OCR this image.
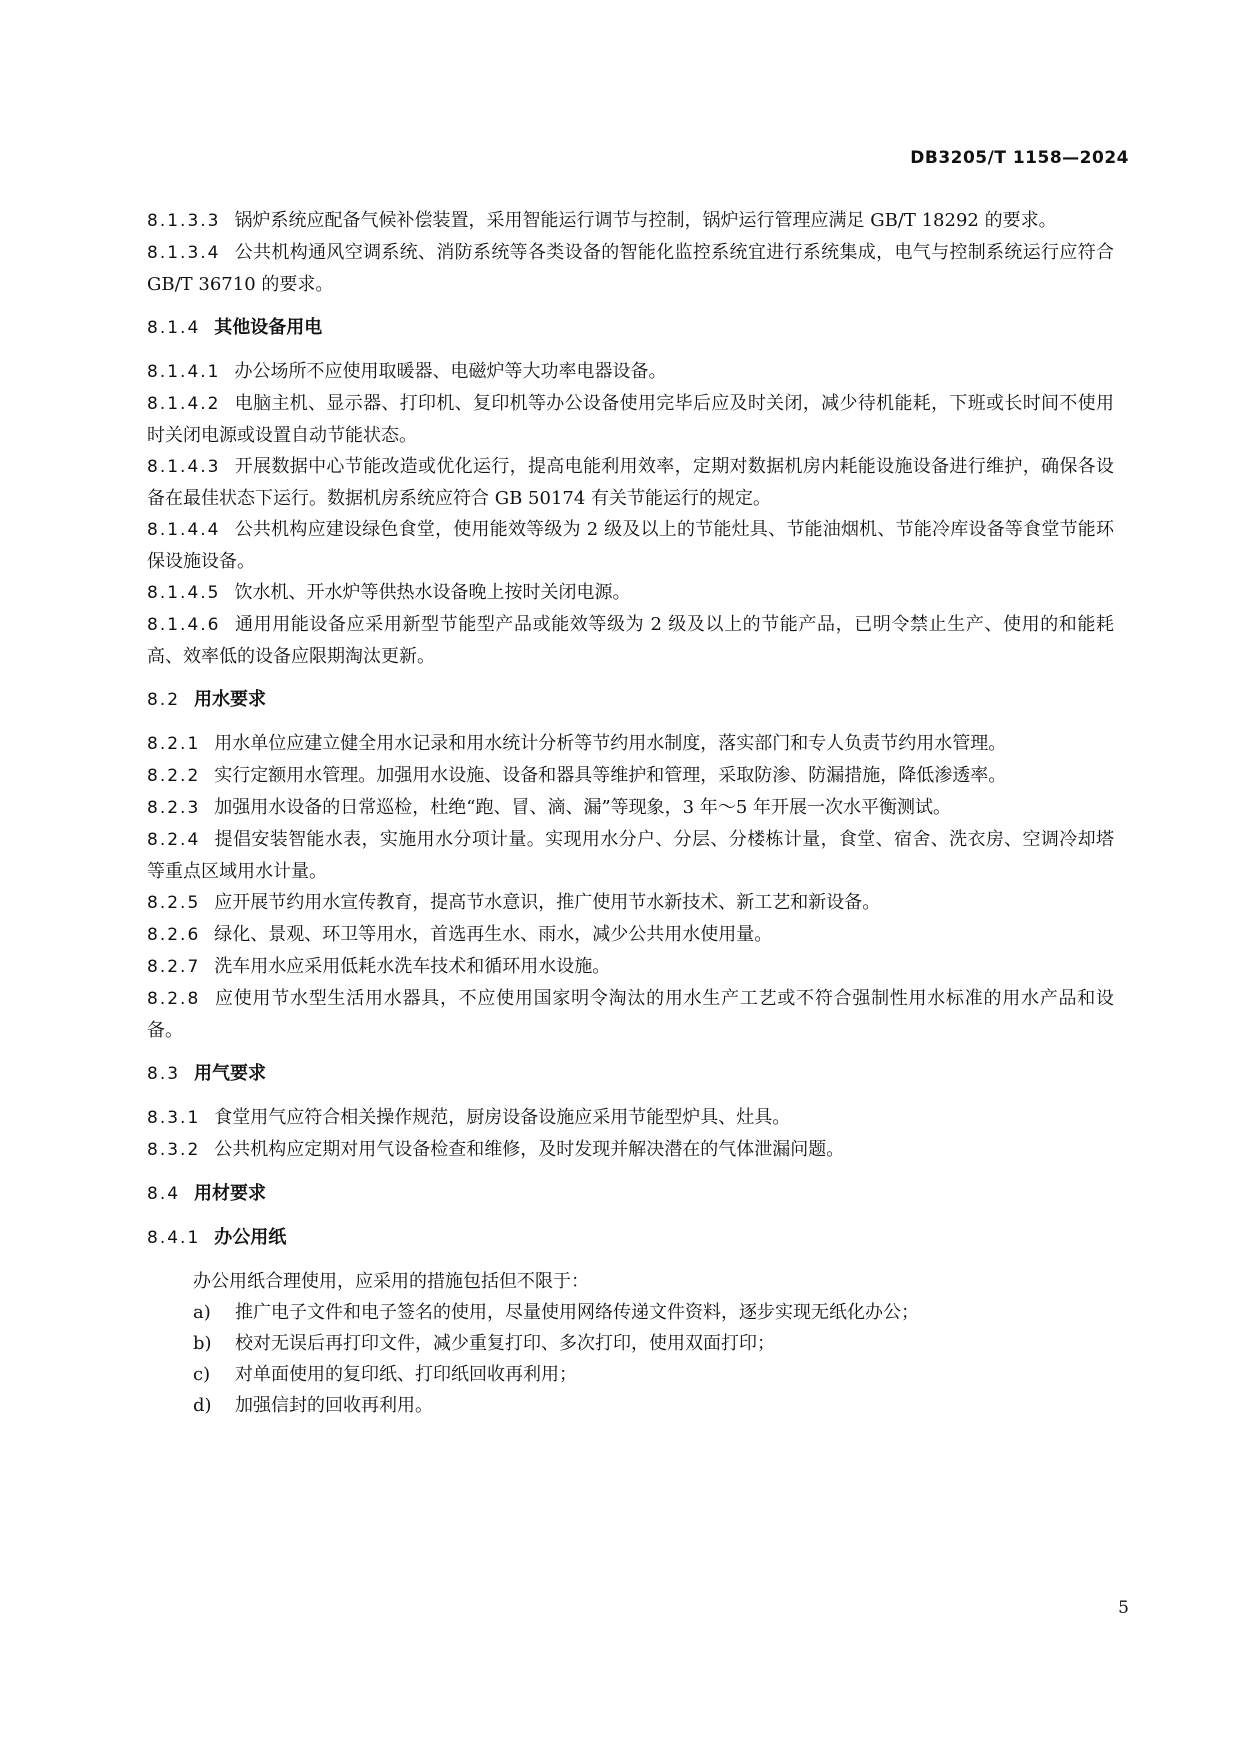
DB3205/T 1158—2024

8.1.3.3 锅炉系统应配备气候补偿装置，采用智能运行调节与控制，锅炉运行管理应满足 GB/T 18292 的要求。

8.1.3.4 公共机构通风空调系统、消防系统等各类设备的智能化监控系统宜进行系统集成，电气与控制系统运行应符合 GB/T 36710 的要求。

8.1.4 其他设备用电

8.1.4.1 办公场所不应使用取暖器、电磁炉等大功率电器设备。

8.1.4.2 电脑主机、显示器、打印机、复印机等办公设备使用完毕后应及时关闭，减少待机能耗，下班或长时间不使用时关闭电源或设置自动节能状态。

8.1.4.3 开展数据中心节能改造或优化运行，提高电能利用效率，定期对数据机房内耗能设施设备进行维护，确保各设备在最佳状态下运行。数据机房系统应符合 GB 50174 有关节能运行的规定。

8.1.4.4 公共机构应建设绿色食堂，使用能效等级为 2 级及以上的节能灶具、节能油烟机、节能冷库设备等食堂节能环保设施设备。

8.1.4.5 饮水机、开水炉等供热水设备晚上按时关闭电源。

8.1.4.6 通用用能设备应采用新型节能型产品或能效等级为 2 级及以上的节能产品，已明令禁止生产、使用的和能耗高、效率低的设备应限期淘汰更新。

8.2 用水要求

8.2.1 用水单位应建立健全用水记录和用水统计分析等节约用水制度，落实部门和专人负责节约用水管理。

8.2.2 实行定额用水管理。加强用水设施、设备和器具等维护和管理，采取防渗、防漏措施，降低渗透率。

8.2.3 加强用水设备的日常巡检，杜绝“跑、冒、滴、漏”等现象，3 年～5 年开展一次水平衡测试。

8.2.4 提倡安装智能水表，实施用水分项计量。实现用水分户、分层、分楼栋计量，食堂、宿舍、洗衣房、空调冷却塔等重点区域用水计量。

8.2.5 应开展节约用水宣传教育，提高节水意识，推广使用节水新技术、新工艺和新设备。

8.2.6 绿化、景观、环卫等用水，首选再生水、雨水，减少公共用水使用量。

8.2.7 洗车用水应采用低耗水洗车技术和循环用水设施。

8.2.8 应使用节水型生活用水器具，不应使用国家明令淘汰的用水生产工艺或不符合强制性用水标准的用水产品和设备。

8.3 用气要求

8.3.1 食堂用气应符合相关操作规范，厨房设备设施应采用节能型炉具、灶具。

8.3.2 公共机构应定期对用气设备检查和维修，及时发现并解决潜在的气体泄漏问题。

8.4 用材要求

8.4.1 办公用纸

办公用纸合理使用，应采用的措施包括但不限于：

a) 推广电子文件和电子签名的使用，尽量使用网络传递文件资料，逐步实现无纸化办公；

b) 校对无误后再打印文件，减少重复打印、多次打印，使用双面打印；

c) 对单面使用的复印纸、打印纸回收再利用；

d) 加强信封的回收再利用。

5
